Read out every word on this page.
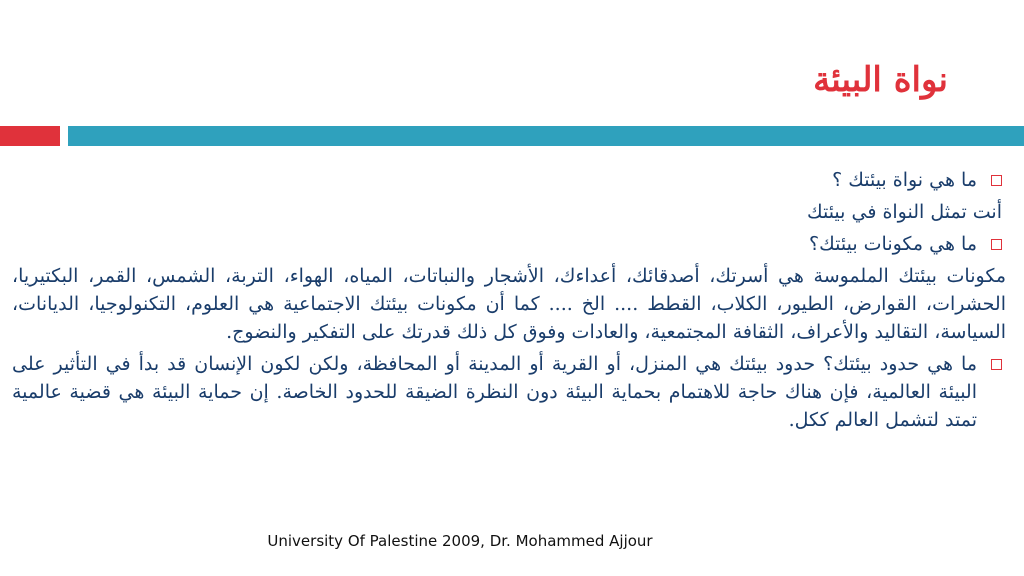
نواة البيئة
ما هي نواة بيئتك ؟
أنت تمثل النواة في بيئتك
ما هي مكونات بيئتك؟
مكونات بيئتك الملموسة هي أسرتك، أصدقائك، أعداءك، الأشجار والنباتات، المياه، الهواء، التربة، الشمس، القمر، البكتيريا، الحشرات، القوارض، الطيور، الكلاب، القطط .... الخ .... كما أن مكونات بيئتك الاجتماعية هي العلوم، التكنولوجيا، الديانات، السياسة، التقاليد والأعراف، الثقافة المجتمعية، والعادات وفوق كل ذلك قدرتك على التفكير والنضوج.
ما هي حدود بيئتك؟ حدود بيئتك هي المنزل، أو القرية أو المدينة أو المحافظة، ولكن لكون الإنسان قد بدأ في التأثير على البيئة العالمية، فإن هناك حاجة للاهتمام بحماية البيئة دون النظرة الضيقة للحدود الخاصة. إن حماية البيئة هي قضية عالمية تمتد لتشمل العالم ككل.
University Of Palestine 2009, Dr. Mohammed Ajjour
